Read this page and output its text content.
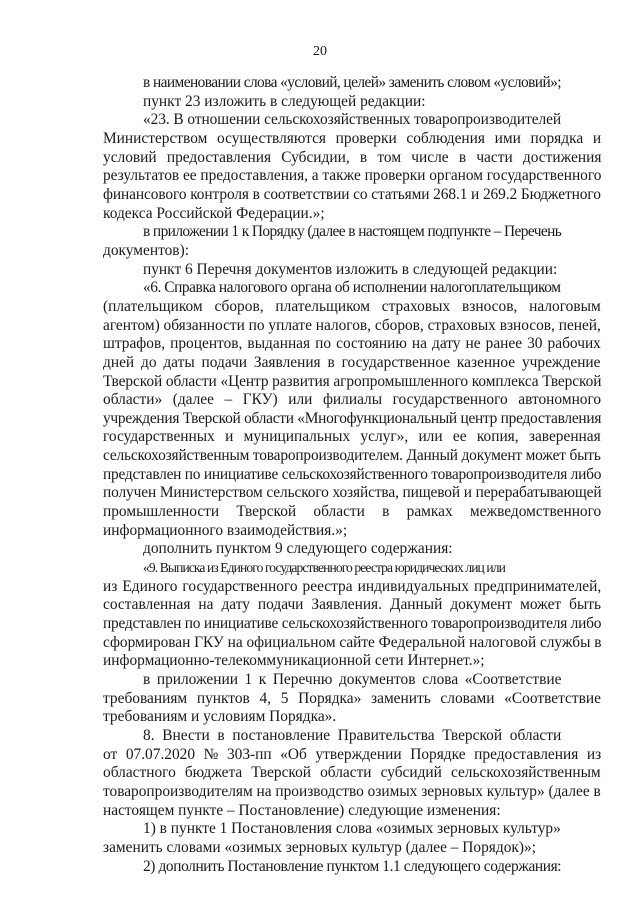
20
в наименовании слова «условий, целей» заменить словом «условий»;
пункт 23 изложить в следующей редакции:
«23. В отношении сельскохозяйственных товаропроизводителей
Министерством осуществляются проверки соблюдения ими порядка и
условий предоставления Субсидии, в том числе в части достижения
результатов ее предоставления, а также проверки органом государственного
финансового контроля в соответствии со статьями 268.1 и 269.2 Бюджетного
кодекса Российской Федерации.»;
в приложении 1 к Порядку (далее в настоящем подпункте – Перечень
документов):
пункт 6 Перечня документов изложить в следующей редакции:
«6. Справка налогового органа об исполнении налогоплательщиком
(плательщиком сборов, плательщиком страховых взносов, налоговым
агентом) обязанности по уплате налогов, сборов, страховых взносов, пеней,
штрафов, процентов, выданная по состоянию на дату не ранее 30 рабочих
дней до даты подачи Заявления в государственное казенное учреждение
Тверской области «Центр развития агропромышленного комплекса Тверской
области» (далее – ГКУ) или филиалы государственного автономного
учреждения Тверской области «Многофункциональный центр предоставления
государственных и муниципальных услуг», или ее копия, заверенная
сельскохозяйственным товаропроизводителем. Данный документ может быть
представлен по инициативе сельскохозяйственного товаропроизводителя либо
получен Министерством сельского хозяйства, пищевой и перерабатывающей
промышленности Тверской области в рамках межведомственного
информационного взаимодействия.»;
дополнить пунктом 9 следующего содержания:
«9. Выписка из Единого государственного реестра юридических лиц или
из Единого государственного реестра индивидуальных предпринимателей,
составленная на дату подачи Заявления. Данный документ может быть
представлен по инициативе сельскохозяйственного товаропроизводителя либо
сформирован ГКУ на официальном сайте Федеральной налоговой службы в
информационно-телекоммуникационной сети Интернет.»;
в приложении 1 к Перечню документов слова «Соответствие
требованиям пунктов 4, 5 Порядка» заменить словами «Соответствие
требованиям и условиям Порядка».
8. Внести в постановление Правительства Тверской области
от 07.07.2020 № 303-пп «Об утверждении Порядке предоставления из
областного бюджета Тверской области субсидий сельскохозяйственным
товаропроизводителям на производство озимых зерновых культур» (далее в
настоящем пункте – Постановление) следующие изменения:
1) в пункте 1 Постановления слова «озимых зерновых культур»
заменить словами «озимых зерновых культур (далее – Порядок)»;
2) дополнить Постановление пунктом 1.1 следующего содержания:
